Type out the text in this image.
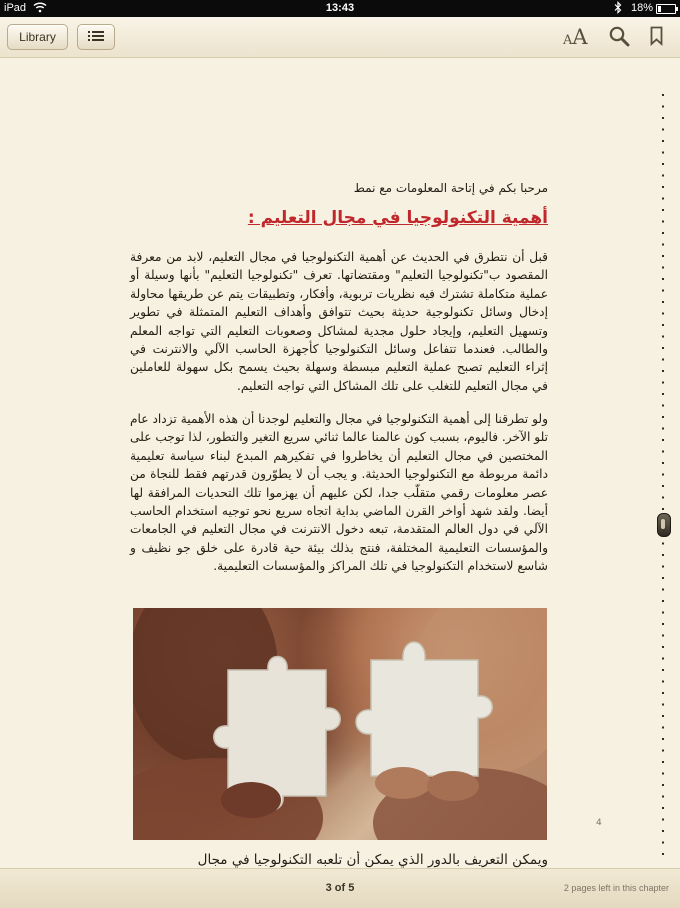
iPad	13:43	18%
Library	AA
مرحبا بكم في إتاحة المعلومات مع نمط
أهمية التكنولوجيا في مجال التعليم :
قبل أن نتطرق في الحديث عن أهمية التكنولوجيا في مجال التعليم، لابد من معرفة المقصود ب"تكنولوجيا التعليم" ومقتضاتها. تعرف "تكنولوجيا التعليم" بأنها وسيلة أو عملية متكاملة تشترك فيه نظريات تربوية، وأفكار، وتطبيقات يتم عن طريقها محاولة إدخال وسائل تكنولوجية حديثة بحيث تتوافق وأهداف التعليم المتمثلة في تطوير وتسهيل التعليم، وإيجاد حلول مجدية لمشاكل وصعوبات التعليم التي تواجه المعلم والطالب. فعندما تتفاعل وسائل التكنولوجيا كأجهزة الحاسب الآلي والانترنت في إثراء التعليم تصبح عملية التعليم مبسطة وسهلة بحيث يسمح بكل سهولة للعاملين في مجال التعليم للتغلب على تلك المشاكل التي تواجه التعليم.
ولو تطرقنا إلى أهمية التكنولوجيا في مجال والتعليم لوجدنا أن هذه الأهمية تزداد عام تلو الآخر. فاليوم، بسبب كون عالمنا عالما ثنائي سريع التغير والتطور، لذا توجب على المختصين في مجال التعليم أن يخاطروا في تفكيرهم المبدع لبناء سياسة تعليمية دائمة مربوطة مع التكنولوجيا الحديثة. و يجب أن لا يطوّرون قدرتهم فقط للنجاة من عصر معلومات رقمي متقلّب جدا، لكن عليهم أن يهزموا تلك التحديات المرافقة لها أيضا. ولقد شهد أواخر القرن الماضي بداية اتجاه سريع نحو توجيه استخدام الحاسب الآلي في دول العالم المتقدمة، تبعه دخول الانترنت في مجال التعليم في الجامعات والمؤسسات التعليمية المختلفة، فنتج بذلك بيئة حية قادرة على خلق جو نظيف و شاسع لاستخدام التكنولوجيا في تلك المراكز والمؤسسات التعليمية.
ويمكن التعريف بالدور الذي يمكن أن تلعبه التكنولوجيا في مجال
4
3 of 5	2 pages left in this chapter
